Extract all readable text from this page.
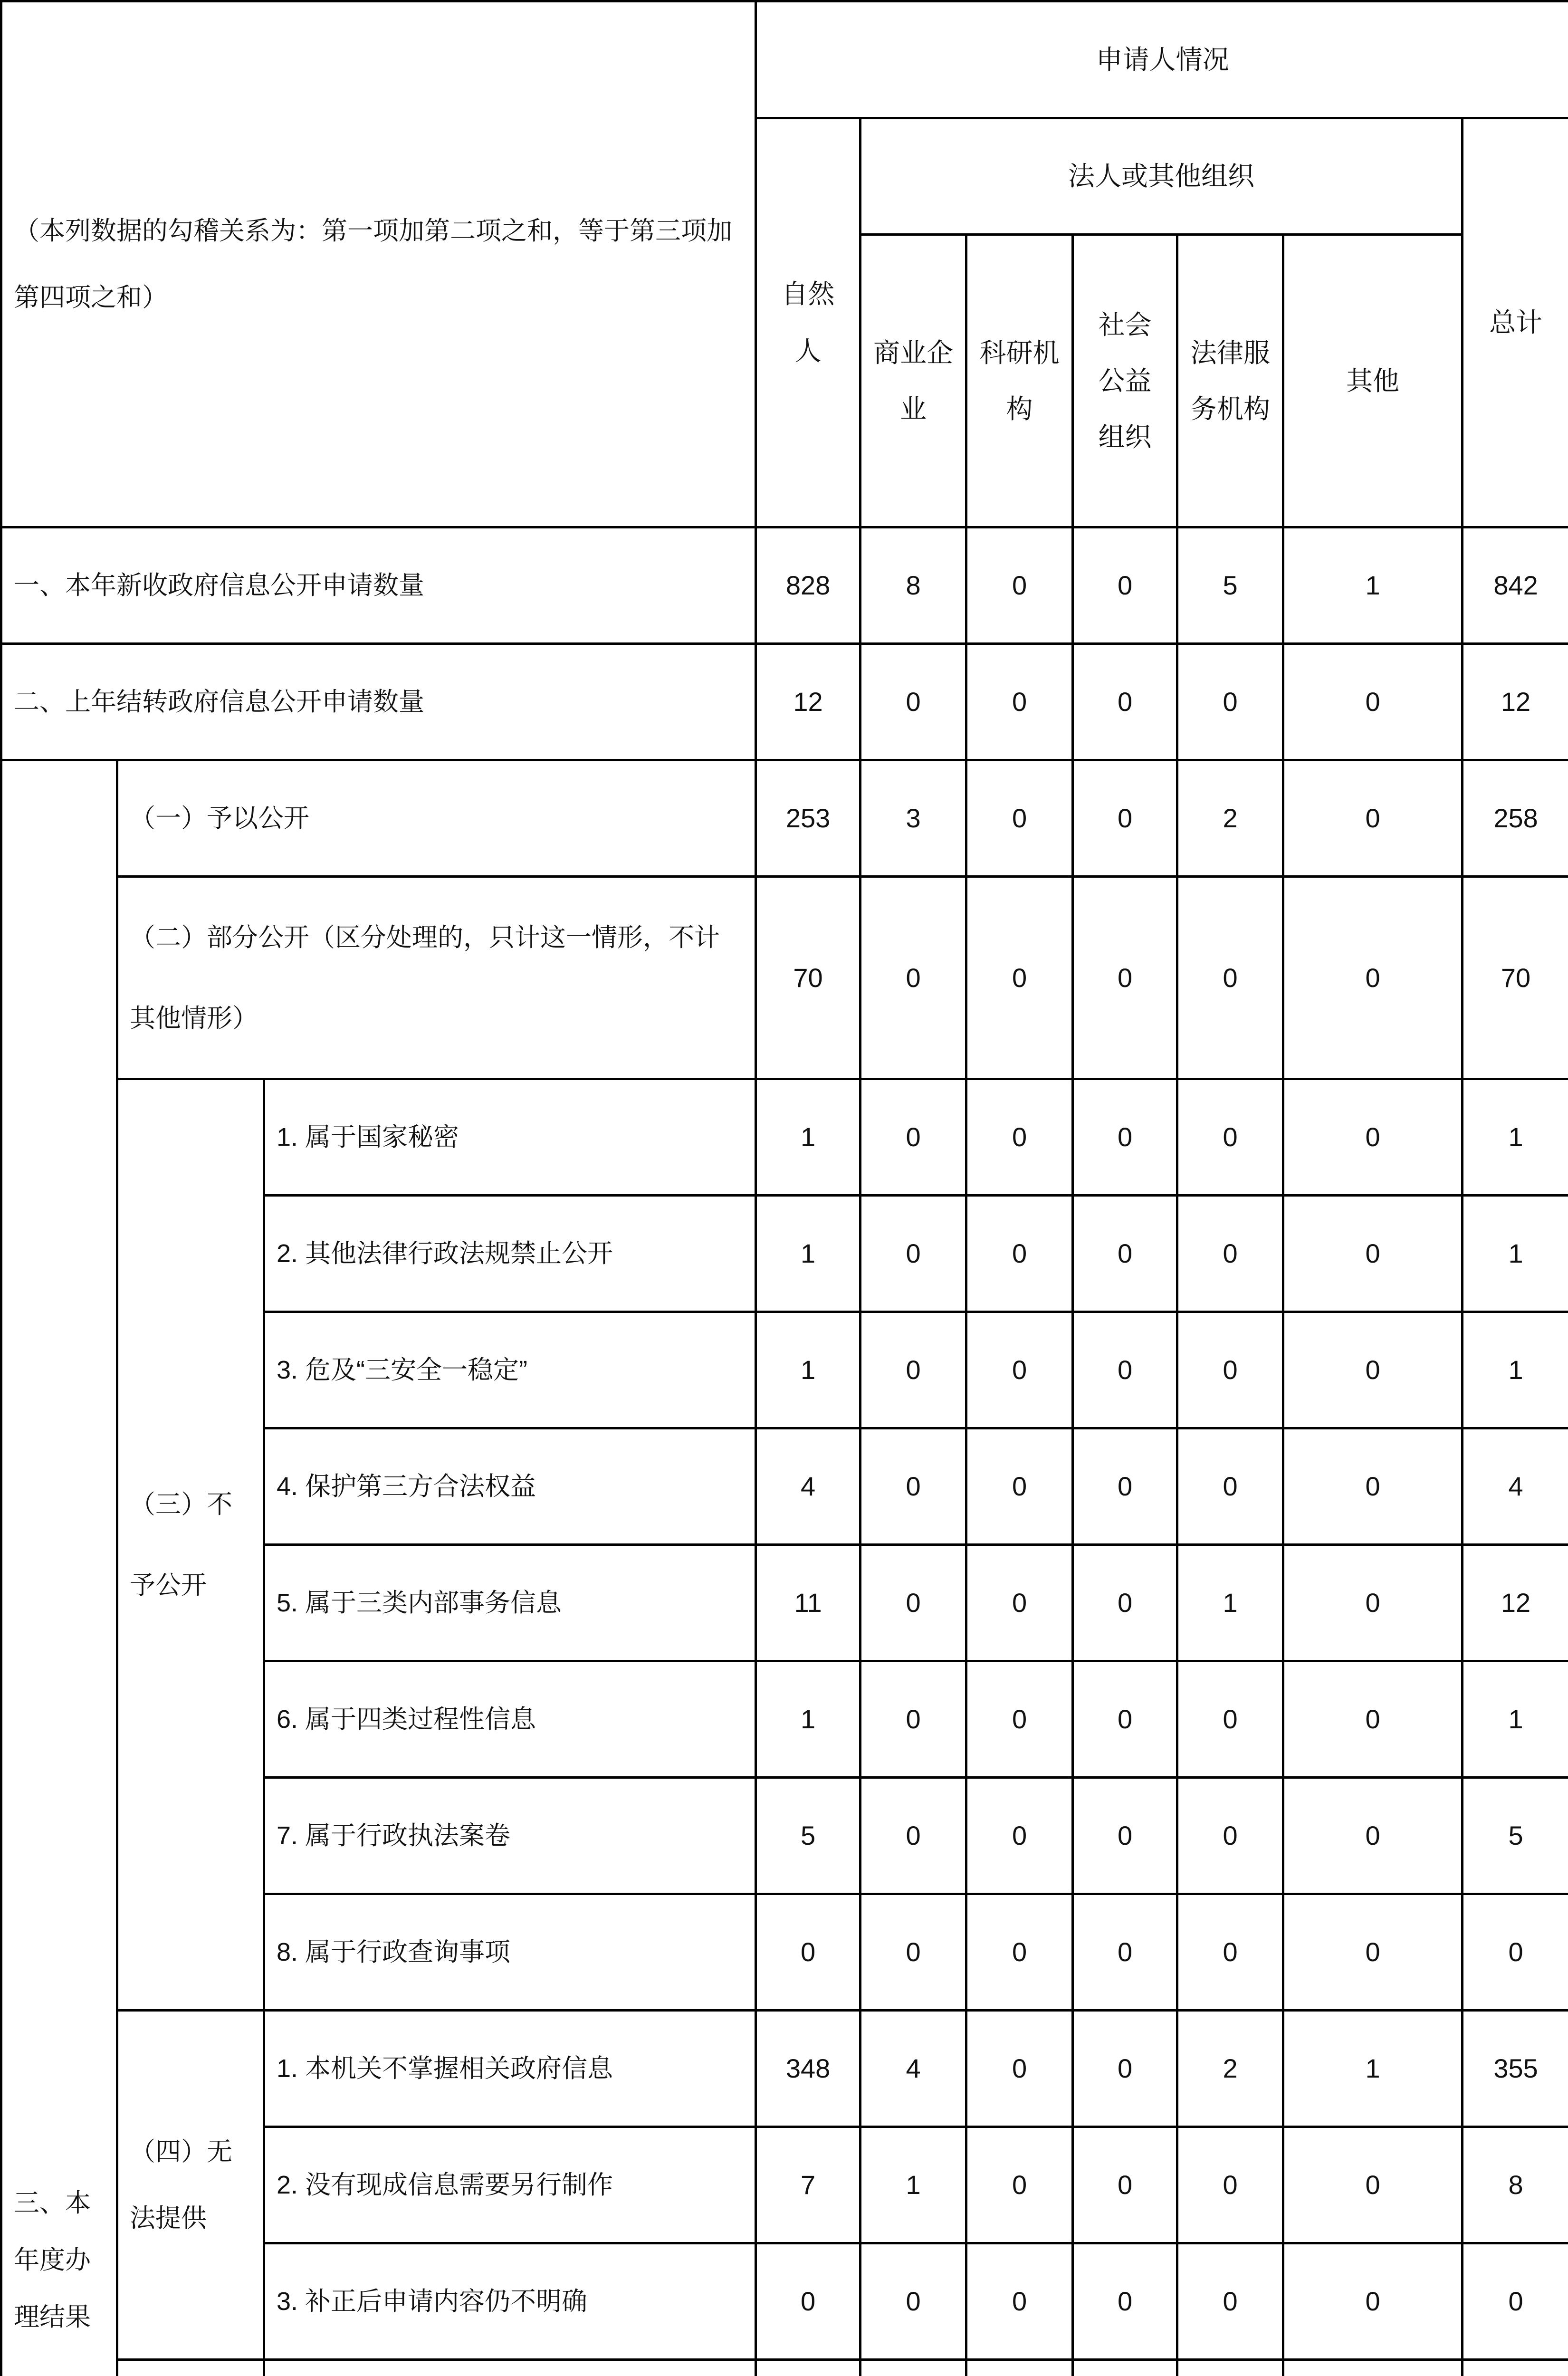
（本列数据的勾稽关系为：第一项加第二项之和，等于第三项加第四项之和）			申请人情况						
			自然人	法人或其他组织					总计
				商业企业	科研机构	社会公益组织	法律服务机构	其他	
一、本年新收政府信息公开申请数量			828	8	0	0	5	1	842
二、上年结转政府信息公开申请数量			12	0	0	0	0	0	12
三、本年度办理结果	（一）予以公开		253	3	0	0	2	0	258
	（二）部分公开（区分处理的，只计这一情形，不计其他情形）		70	0	0	0	0	0	70
	（三）不予公开	1. 属于国家秘密	1	0	0	0	0	0	1
		2. 其他法律行政法规禁止公开	1	0	0	0	0	0	1
		3. 危及“三安全一稳定”	1	0	0	0	0	0	1
		4. 保护第三方合法权益	4	0	0	0	0	0	4
		5. 属于三类内部事务信息	11	0	0	0	1	0	12
		6. 属于四类过程性信息	1	0	0	0	0	0	1
		7. 属于行政执法案卷	5	0	0	0	0	0	5
		8. 属于行政查询事项	0	0	0	0	0	0	0
	（四）无法提供	1. 本机关不掌握相关政府信息	348	4	0	0	2	1	355
		2. 没有现成信息需要另行制作	7	1	0	0	0	0	8
		3. 补正后申请内容仍不明确	0	0	0	0	0	0	0
